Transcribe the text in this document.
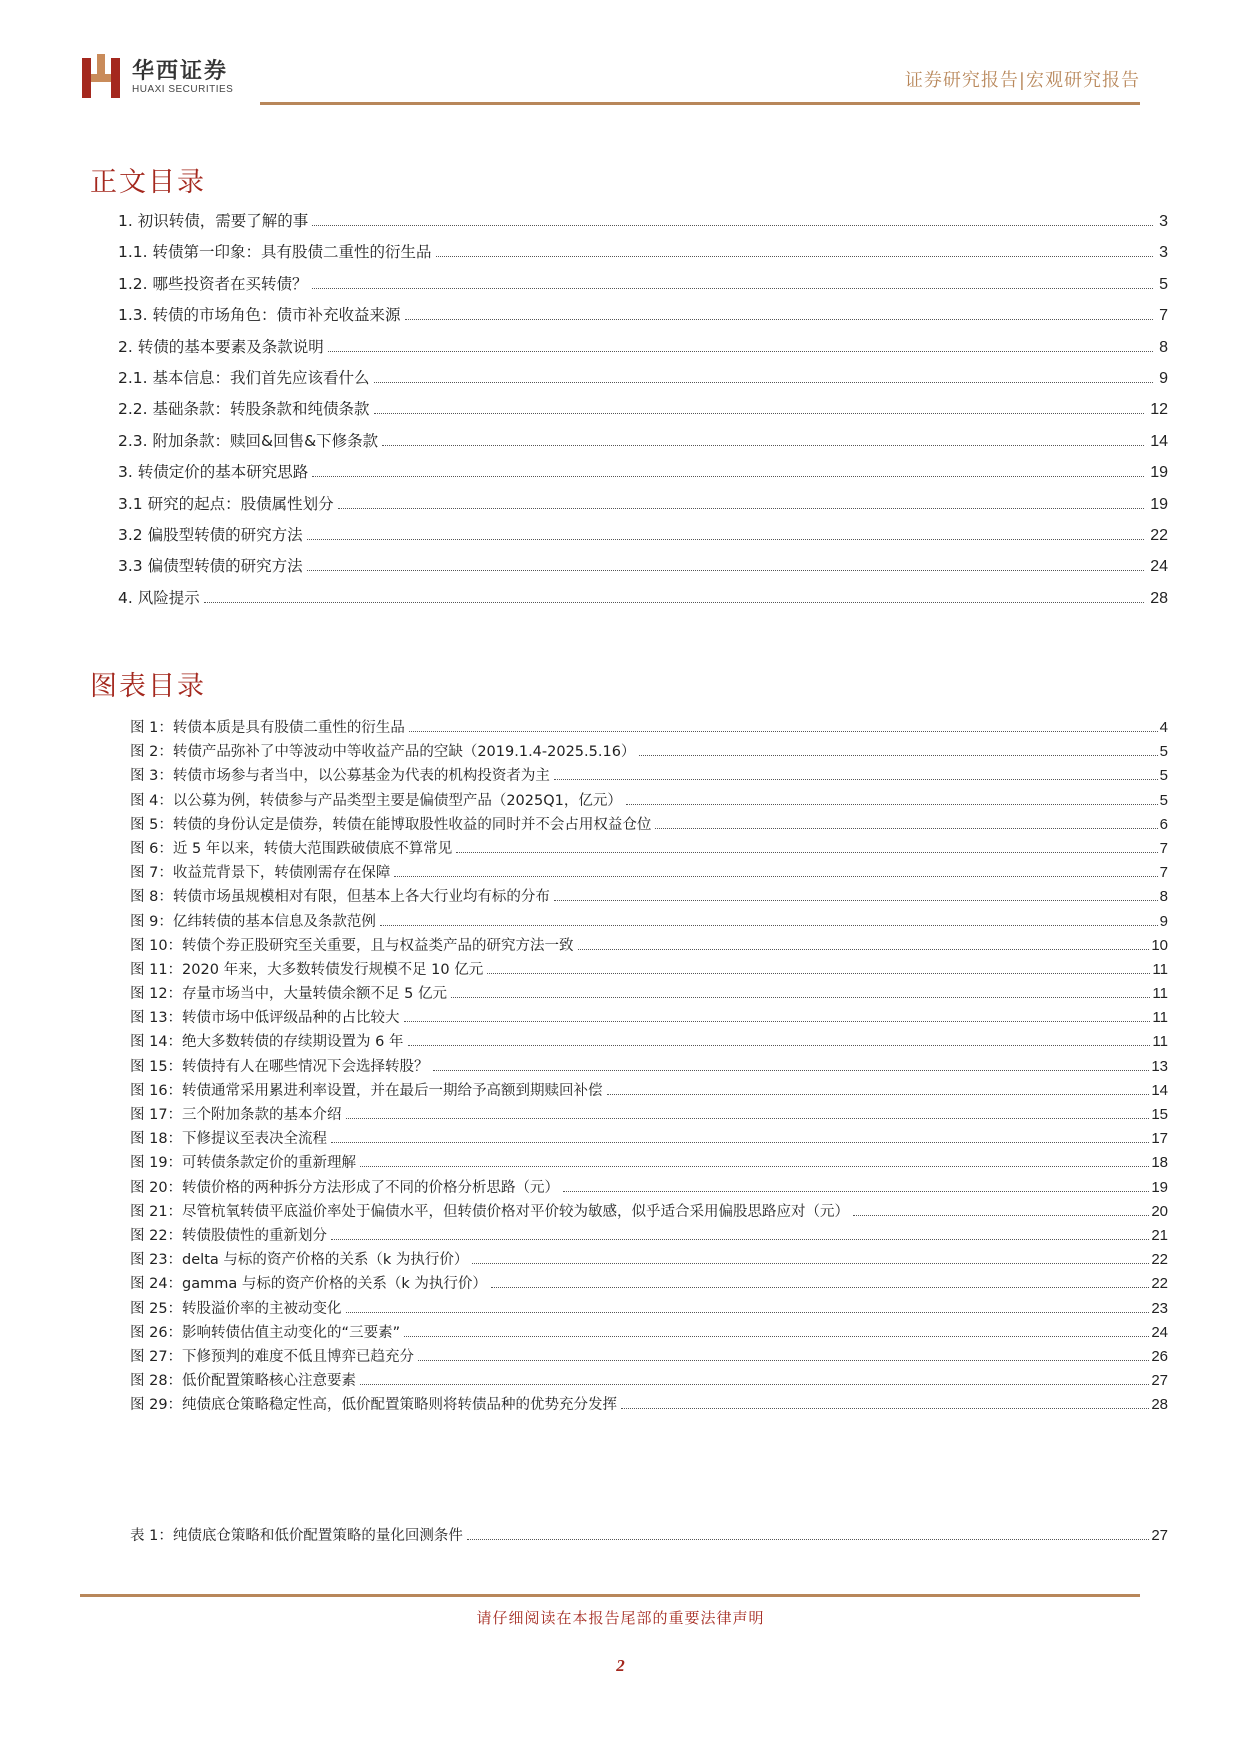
华西证券
HUAXI SECURITIES	证券研究报告|宏观研究报告
正文目录
1. 初识转债，需要了解的事	3
1.1. 转债第一印象：具有股债二重性的衍生品	3
1.2. 哪些投资者在买转债？	5
1.3. 转债的市场角色：债市补充收益来源	7
2. 转债的基本要素及条款说明	8
2.1. 基本信息：我们首先应该看什么	9
2.2. 基础条款：转股条款和纯债条款	12
2.3. 附加条款：赎回&回售&下修条款	14
3. 转债定价的基本研究思路	19
3.1 研究的起点：股债属性划分	19
3.2 偏股型转债的研究方法	22
3.3 偏债型转债的研究方法	24
4. 风险提示	28
图表目录
图 1：转债本质是具有股债二重性的衍生品	4
图 2：转债产品弥补了中等波动中等收益产品的空缺（2019.1.4-2025.5.16）	5
图 3：转债市场参与者当中，以公募基金为代表的机构投资者为主	5
图 4：以公募为例，转债参与产品类型主要是偏债型产品（2025Q1，亿元）	5
图 5：转债的身份认定是债券，转债在能博取股性收益的同时并不会占用权益仓位	6
图 6：近 5 年以来，转债大范围跌破债底不算常见	7
图 7：收益荒背景下，转债刚需存在保障	7
图 8：转债市场虽规模相对有限，但基本上各大行业均有标的分布	8
图 9：亿纬转债的基本信息及条款范例	9
图 10：转债个券正股研究至关重要，且与权益类产品的研究方法一致	10
图 11：2020 年来，大多数转债发行规模不足 10 亿元	11
图 12：存量市场当中，大量转债余额不足 5 亿元	11
图 13：转债市场中低评级品种的占比较大	11
图 14：绝大多数转债的存续期设置为 6 年	11
图 15：转债持有人在哪些情况下会选择转股？	13
图 16：转债通常采用累进利率设置，并在最后一期给予高额到期赎回补偿	14
图 17：三个附加条款的基本介绍	15
图 18：下修提议至表决全流程	17
图 19：可转债条款定价的重新理解	18
图 20：转债价格的两种拆分方法形成了不同的价格分析思路（元）	19
图 21：尽管杭氧转债平底溢价率处于偏债水平，但转债价格对平价较为敏感，似乎适合采用偏股思路应对（元）	20
图 22：转债股债性的重新划分	21
图 23：delta 与标的资产价格的关系（k 为执行价）	22
图 24：gamma 与标的资产价格的关系（k 为执行价）	22
图 25：转股溢价率的主被动变化	23
图 26：影响转债估值主动变化的“三要素”	24
图 27：下修预判的难度不低且博弈已趋充分	26
图 28：低价配置策略核心注意要素	27
图 29：纯债底仓策略稳定性高，低价配置策略则将转债品种的优势充分发挥	28
表 1：纯债底仓策略和低价配置策略的量化回测条件	27
请仔细阅读在本报告尾部的重要法律声明
2
